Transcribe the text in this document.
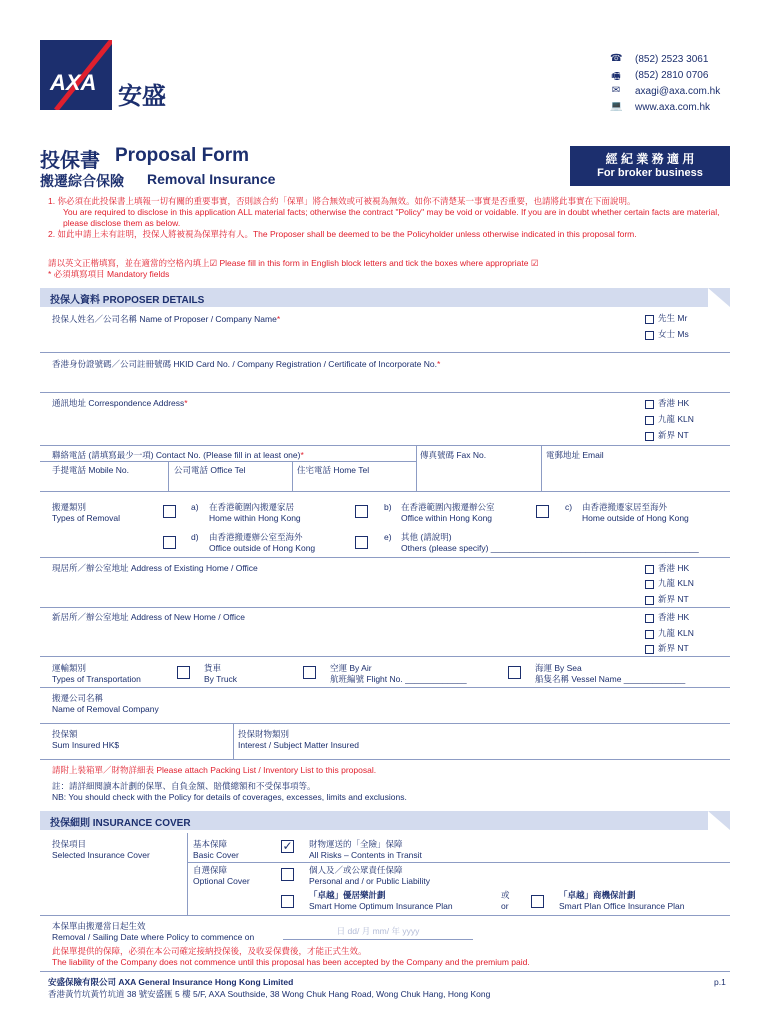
AXA 安盛
☎ (852) 2523 3061
🖷 (852) 2810 0706
✉ axagi@axa.com.hk
💻 www.axa.com.hk
投保書 Proposal Form
搬遷綜合保險 Removal Insurance
經 紀 業 務 適 用
For broker business
1. 你必須在此投保書上填報一切有關的重要事實，否則該合約「保單」將合無效或可被視為無效。如你不清楚某一事實是否重要，也請將此事實在下面說明。
You are required to disclose in this application ALL material facts; otherwise the contract "Policy" may be void or voidable. If you are in doubt whether certain facts are material, please disclose them as below.
2. 如此申請上未有註明，投保人將被視為保單持有人。The Proposer shall be deemed to be the Policyholder unless otherwise indicated in this proposal form.
請以英文正楷填寫，並在適當的空格內填上☑ Please fill in this form in English block letters and tick the boxes where appropriate ☑
* 必須填寫項目 Mandatory fields
投保人資料 PROPOSER DETAILS
投保人姓名／公司名稱 Name of Proposer / Company Name*	先生 Mr
女士 Ms
香港身份證號碼／公司註冊號碼 HKID Card No. / Company Registration / Certificate of Incorporate No.*
通訊地址 Correspondence Address*	香港 HK
九龍 KLN
新界 NT
聯絡電話 (請填寫最少一項) Contact No. (Please fill in at least one)*
手提電話 Mobile No.	公司電話 Office Tel	住宅電話 Home Tel
傳真號碼 Fax No.	電郵地址 Email
搬遷類別
Types of Removal
a) 在香港範圍內搬遷家居
Home within Hong Kong
b) 在香港範圍內搬遷辦公室
Office within Hong Kong
c) 由香港搬遷家居至海外
Home outside of Hong Kong
d) 由香港搬遷辦公室至海外
Office outside of Hong Kong
e) 其他 (請說明)
Others (please specify) ____________________________________________
現居所／辦公室地址 Address of Existing Home / Office	香港 HK
九龍 KLN
新界 NT
新居所／辦公室地址 Address of New Home / Office	香港 HK
九龍 KLN
新界 NT
運輸類別
Types of Transportation
貨車
By Truck
空運 By Air
航班編號 Flight No. _____________
海運 By Sea
船隻名稱 Vessel Name _____________
搬遷公司名稱
Name of Removal Company
投保額
Sum Insured HK$
投保財物類別
Interest / Subject Matter Insured
請附上裝箱單／財物詳細表 Please attach Packing List / Inventory List to this proposal.
註：請詳細閱讀本計劃的保單、自負金額、賠償總額和不受保事項等。
NB: You should check with the Policy for details of coverages, excesses, limits and exclusions.
投保細則 INSURANCE COVER
投保項目
Selected Insurance Cover
基本保障
Basic Cover
✓ 財物運送的「全險」保障
All Risks – Contents in Transit
自選保障
Optional Cover
個人及／或公眾責任保障
Personal and / or Public Liability
「卓越」優居樂計劃
Smart Home Optimum Insurance Plan
或
or
「卓越」商機保計劃
Smart Plan Office Insurance Plan
本保單由搬遷當日起生效
Removal / Sailing Date where Policy to commence on
日 dd/ 月 mm/ 年 yyyy
此保單提供的保障，必須在本公司確定接納投保後，及收妥保費後，才能正式生效。
The liability of the Company does not commence until this proposal has been accepted by the Company and the premium paid.
安盛保險有限公司 AXA General Insurance Hong Kong Limited
香港黃竹坑黃竹坑道 38 號安盛匯 5 樓 5/F, AXA Southside, 38 Wong Chuk Hang Road, Wong Chuk Hang, Hong Kong
p.1
